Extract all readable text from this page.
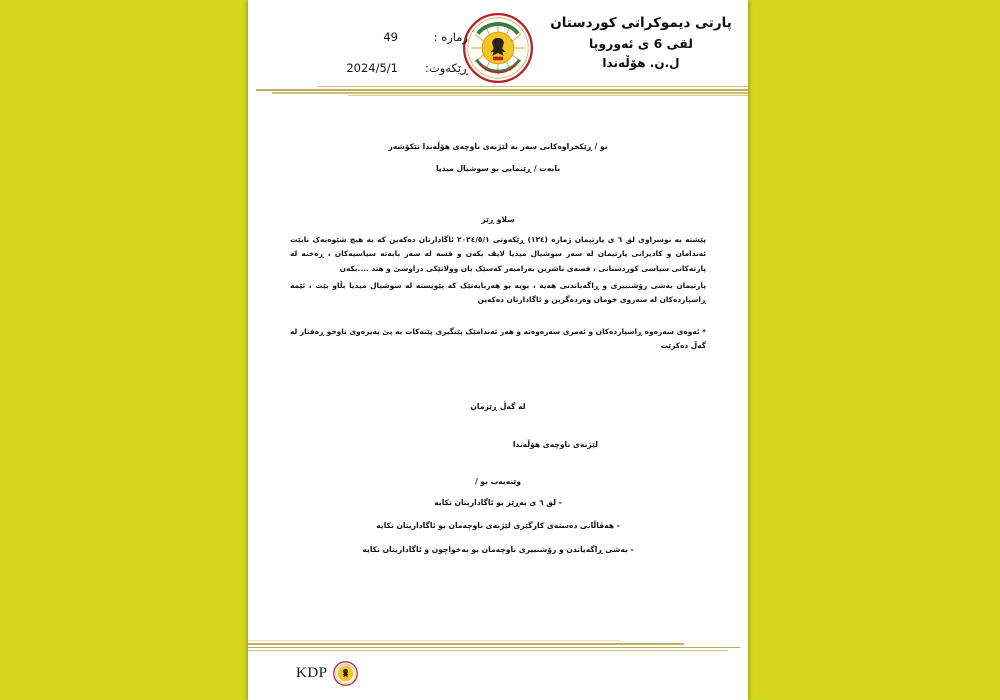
پارتی دیموکراتی کوردستان
لقی 6 ی ئەوروپا
ل.ن. هۆڵەندا
ژماره :
49
ڕێکەوت:
2024/5/1
بو / ڕێکخراوەکانی سەر بە لێژنەی ناوچەی هۆڵەندا تێکۆشەر
بابەت / ڕێنمایی بو سوشیال میدیا
سلاو ڕێز
پێشتە بە نوسراوی لق ٦ ی پارتیمان ژماره (١٣٤) ڕێکەوتی ٢٠٢٤/٥/١ ئاگادارتان دەکەین کە بە هیچ شێوەیەک نابێت ئەندامان و کادیرانی پارتیمان لە سەر سوشیال میدیا لایڤ بکەن و قسە لە سەر بابەتە سیاسیەکان ، ڕەخنە لە پارتەکانی سیاسی کوردستانی ، قسەی ناشرین بەرامبەر کەسێک یان وولاتێکی دراوسێ و هتد ....بکەن
پارتیمان بەشی رۆشنبیری و ڕاگەیاندنی هەیە ، بویە بو هەربابەتێک کە پێویستە لە سوشیال میدیا بڵاو بێت ، ئێمە ڕاسپاردەکان لە سەروی خومان وەردەگرین و ئاگادارتان دەکەین
* ئەوەی سەرەوە ڕاسپاردەکان و ئەمری سەرەوەتە و هەر ئەندامێک پێنگیری پێنەکات بە پێ پەیرەوی ناوخو ڕەفتار لە گەڵ دەکرێت
لە گەڵ ڕێزمان
لێژنەی ناوچەی هۆڵەندا
وێنەیەب بو /
- لق ٦ ی بەڕێز بو ئاگاداریتان تکایە
- هەڤاڵانی دەستەی کارگێری لێژنەی ناوچەمان بو ئاگاداریتان تکایە
- بەشی ڕاگەیاندن و رۆشنبیری ناوچەمان بو بەخواچون و ئاگاداریتان تکایە
KDP
